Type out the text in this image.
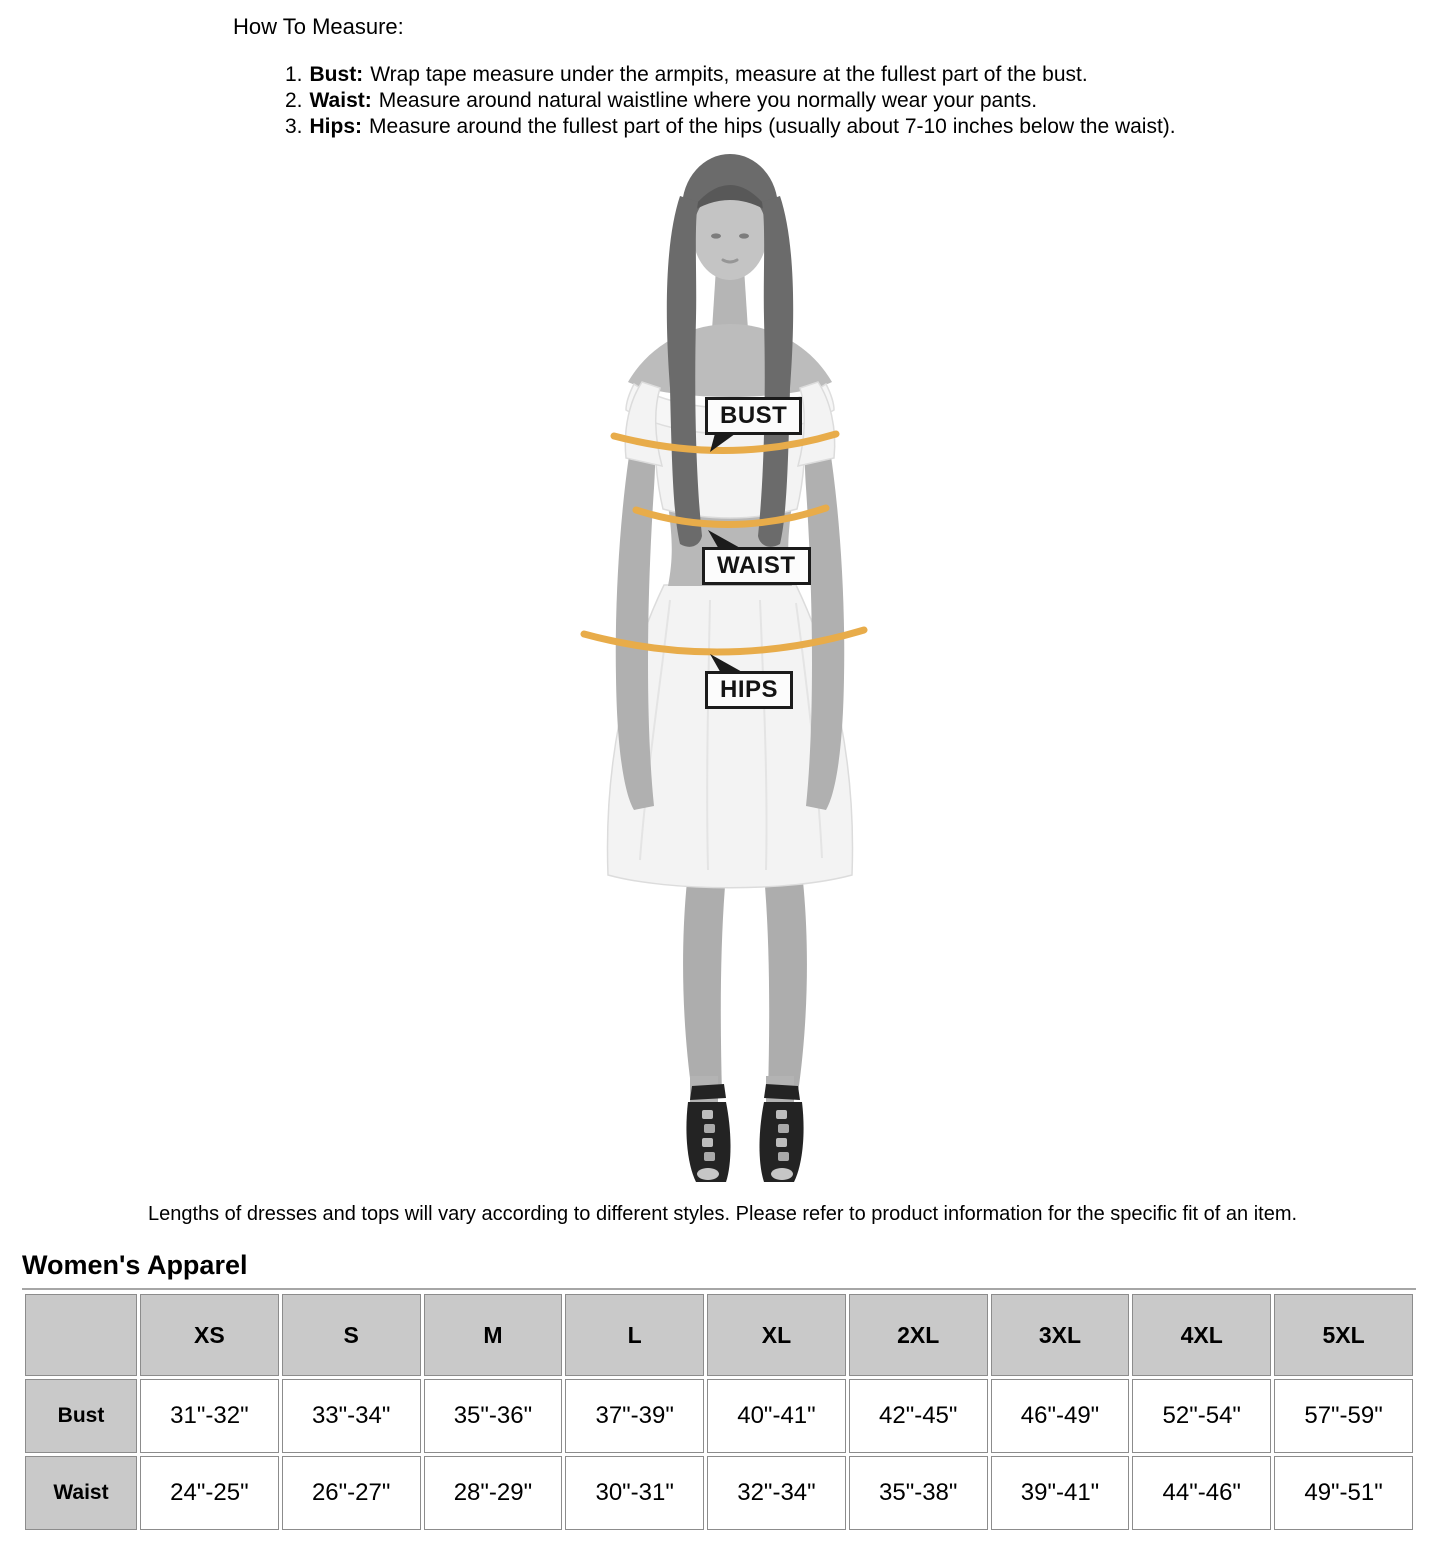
How To Measure:
1. Bust: Wrap tape measure under the armpits, measure at the fullest part of the bust.
2. Waist: Measure around natural waistline where you normally wear your pants.
3. Hips: Measure around the fullest part of the hips (usually about 7-10 inches below the waist).
BUST
WAIST
HIPS

Lengths of dresses and tops will vary according to different styles. Please refer to product information for the specific fit of an item.

Women's Apparel
	XS	S	M	L	XL	2XL	3XL	4XL	5XL
Bust	31"-32"	33"-34"	35"-36"	37"-39"	40"-41"	42"-45"	46"-49"	52"-54"	57"-59"
Waist	24"-25"	26"-27"	28"-29"	30"-31"	32"-34"	35"-38"	39"-41"	44"-46"	49"-51"
